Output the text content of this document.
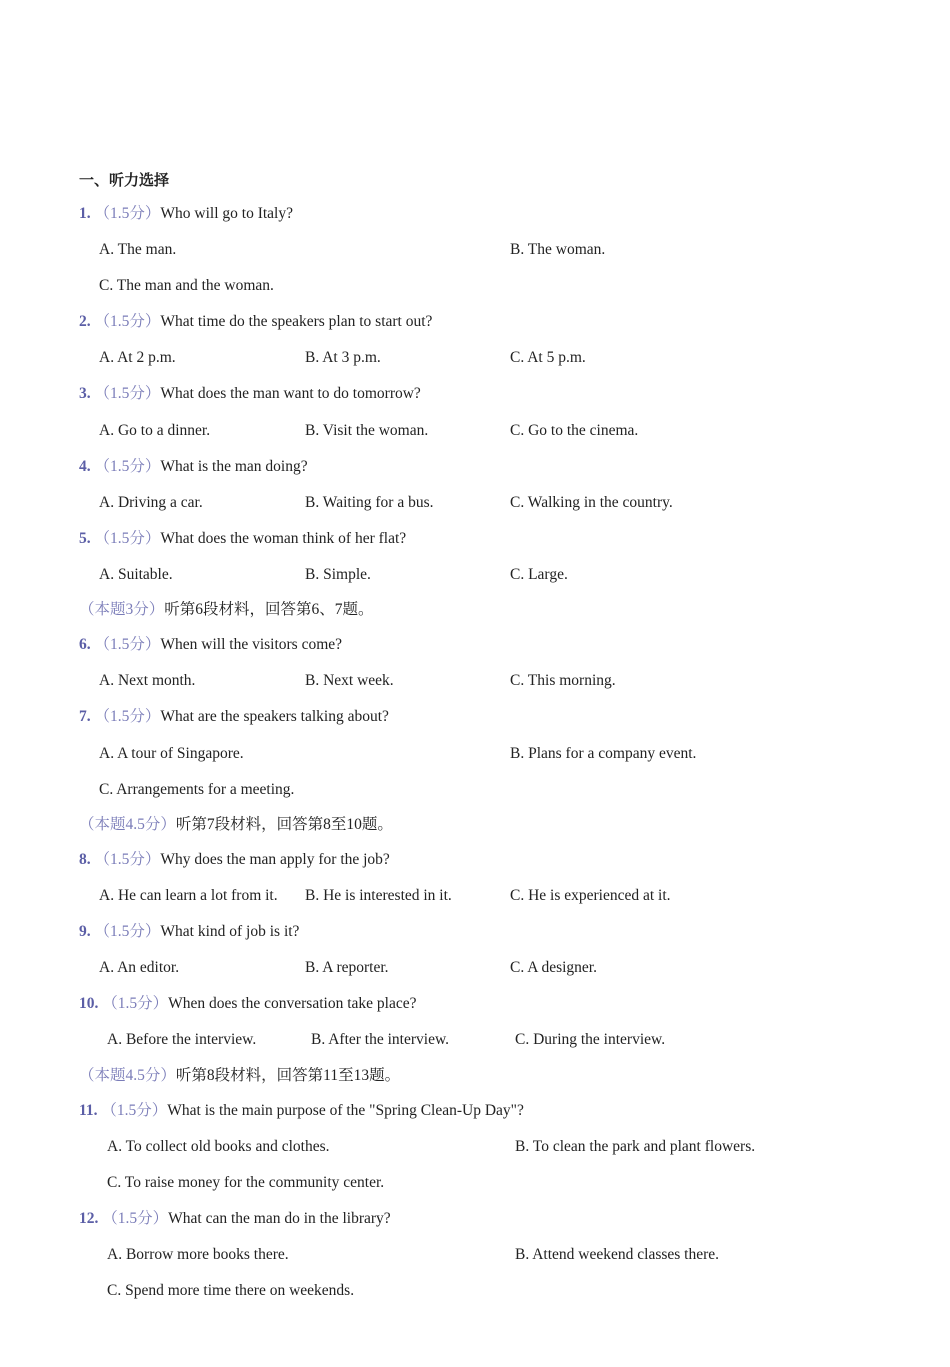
一、听力选择
1. （1.5分）Who will go to Italy?
A. The man.	B. The woman.
C. The man and the woman.
2. （1.5分）What time do the speakers plan to start out?
A. At 2 p.m.	B. At 3 p.m.	C. At 5 p.m.
3. （1.5分）What does the man want to do tomorrow?
A. Go to a dinner.	B. Visit the woman.	C. Go to the cinema.
4. （1.5分）What is the man doing?
A. Driving a car.	B. Waiting for a bus.	C. Walking in the country.
5. （1.5分）What does the woman think of her flat?
A. Suitable.	B. Simple.	C. Large.
（本题3分）听第6段材料，回答第6、7题。
6. （1.5分）When will the visitors come?
A. Next month.	B. Next week.	C. This morning.
7. （1.5分）What are the speakers talking about?
A. A tour of Singapore.	B. Plans for a company event.
C. Arrangements for a meeting.
（本题4.5分）听第7段材料，回答第8至10题。
8. （1.5分）Why does the man apply for the job?
A. He can learn a lot from it. B. He is interested in it.	C. He is experienced at it.
9. （1.5分）What kind of job is it?
A. An editor.	B. A reporter.	C. A designer.
10. （1.5分）When does the conversation take place?
A. Before the interview.	B. After the interview.	C. During the interview.
（本题4.5分）听第8段材料，回答第11至13题。
11. （1.5分）What is the main purpose of the "Spring Clean-Up Day"?
A. To collect old books and clothes.	B. To clean the park and plant flowers.
C. To raise money for the community center.
12. （1.5分）What can the man do in the library?
A. Borrow more books there.	B. Attend weekend classes there.
C. Spend more time there on weekends.
